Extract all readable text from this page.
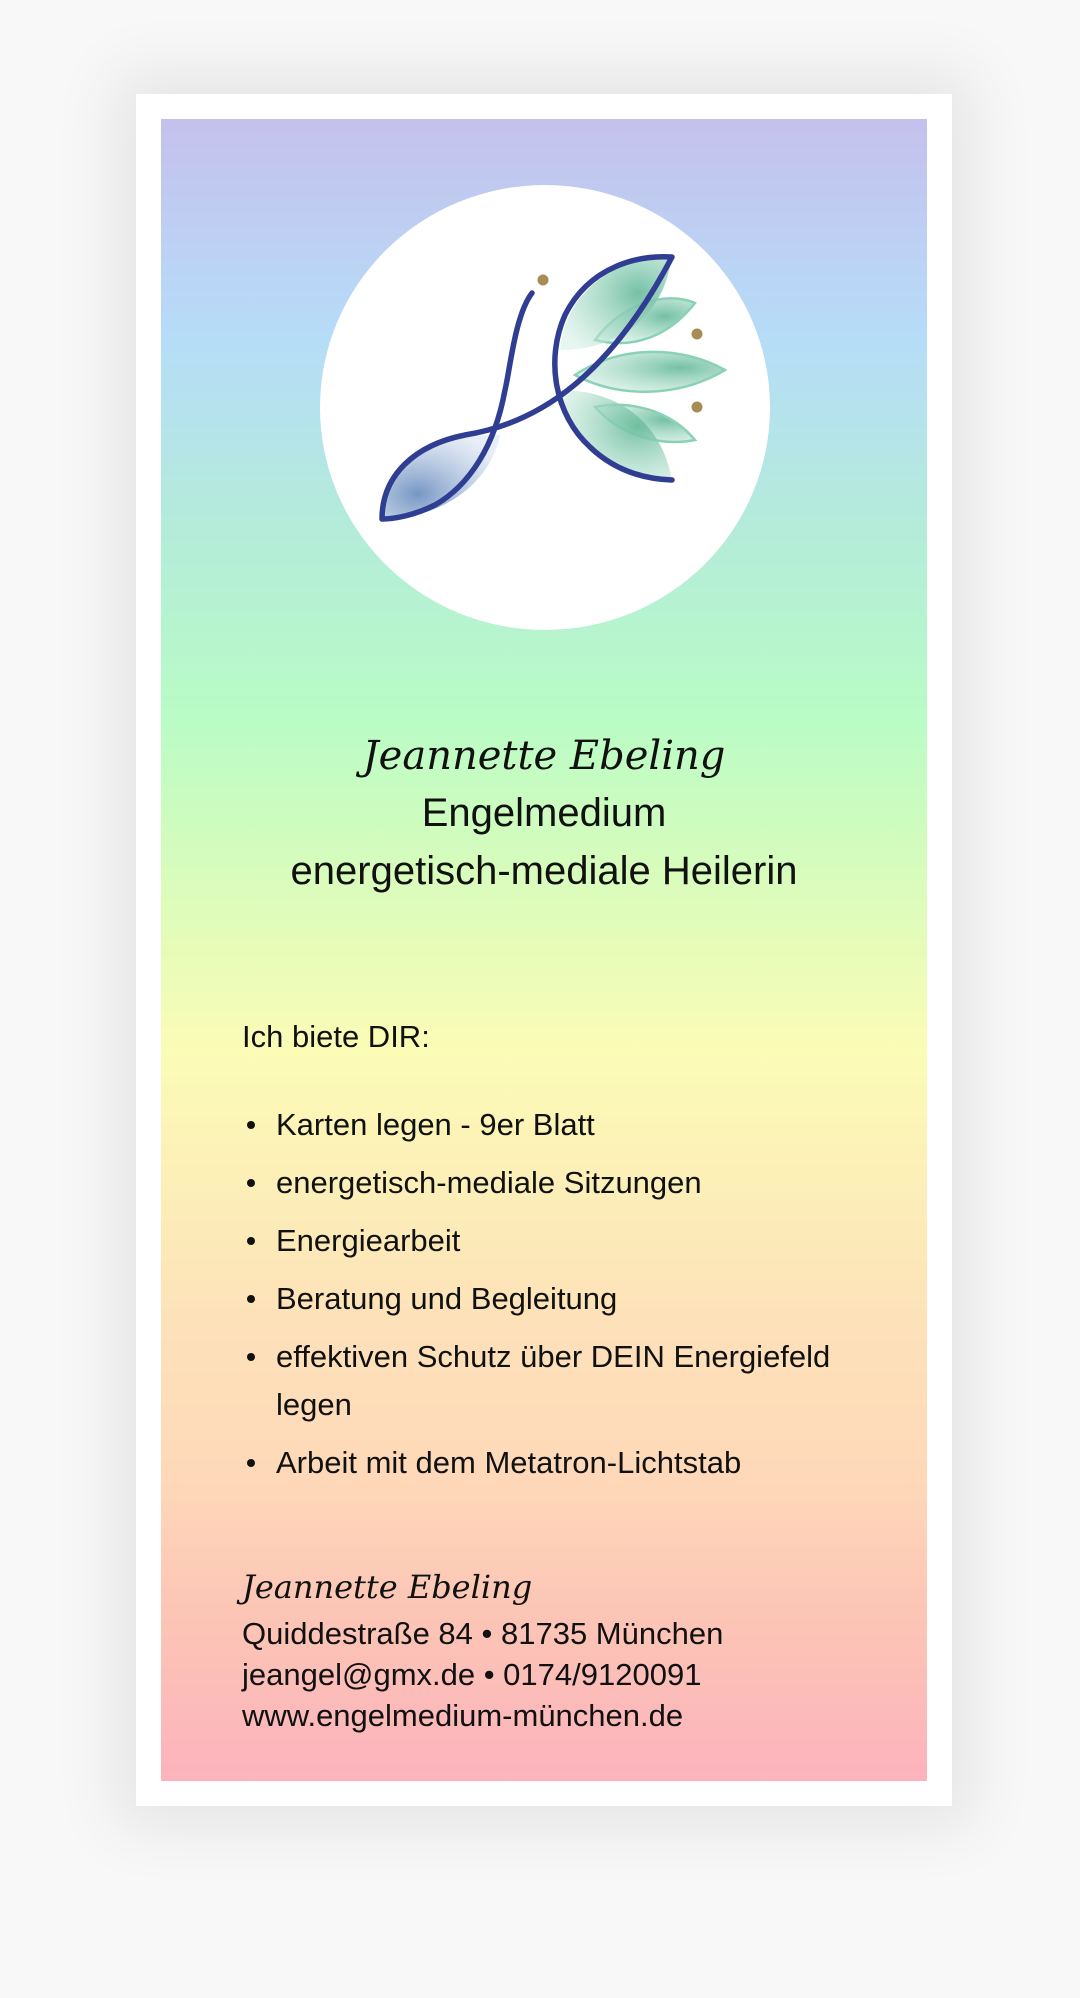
Jeannette Ebeling
Engelmedium
energetisch-mediale Heilerin
Ich biete DIR:
Karten legen - 9er Blatt
energetisch-mediale Sitzungen
Energiearbeit
Beratung und Begleitung
effektiven Schutz über DEIN Energiefeld legen
Arbeit mit dem Metatron-Lichtstab
Jeannette Ebeling
Quiddestraße 84 • 81735 München
jeangel@gmx.de • 0174/9120091
www.engelmedium-münchen.de
